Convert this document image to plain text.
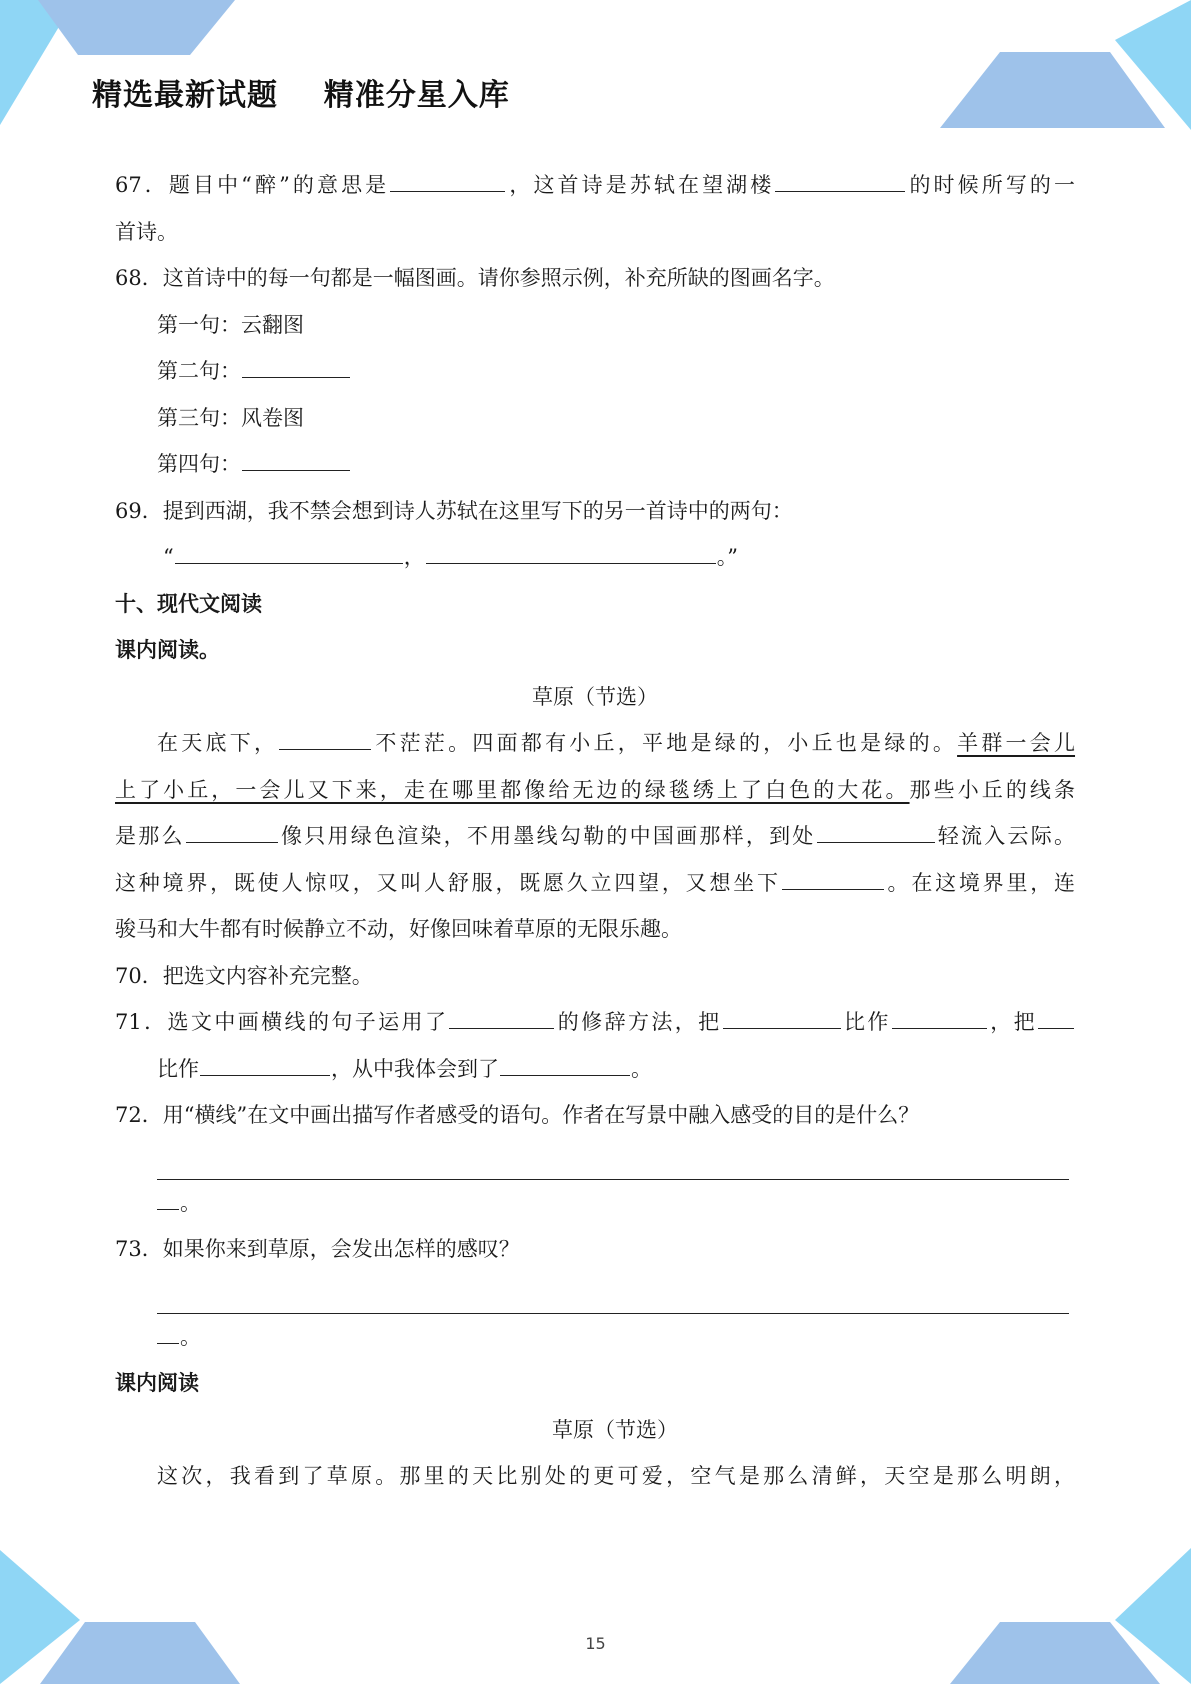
精选最新试题    精准分星入库
67．题目中“醉”的意思是	，这首诗是苏轼在望湖楼	的时候所写的一
首诗。
68．这首诗中的每一句都是一幅图画。请你参照示例，补充所缺的图画名字。
第一句：云翻图
第二句：
第三句：风卷图
第四句：
69．提到西湖，我不禁会想到诗人苏轼在这里写下的另一首诗中的两句：
“	，	。”
十、现代文阅读
课内阅读。
草原（节选）
在天底下，	不茫茫。四面都有小丘，平地是绿的，小丘也是绿的。羊群一会儿
上了小丘，一会儿又下来，走在哪里都像给无边的绿毯绣上了白色的大花。那些小丘的线条
是那么	像只用绿色渲染，不用墨线勾勒的中国画那样，到处	轻流入云际。
这种境界，既使人惊叹，又叫人舒服，既愿久立四望，又想坐下	。在这境界里，连
骏马和大牛都有时候静立不动，好像回味着草原的无限乐趣。
70．把选文内容补充完整。
71．选文中画横线的句子运用了	的修辞方法，把	比作	，把
比作	，从中我体会到了	。
72．用“横线”在文中画出描写作者感受的语句。作者在写景中融入感受的目的是什么？
。
73．如果你来到草原，会发出怎样的感叹？
。
课内阅读
草原（节选）
这次，我看到了草原。那里的天比别处的更可爱，空气是那么清鲜，天空是那么明朗，
15
